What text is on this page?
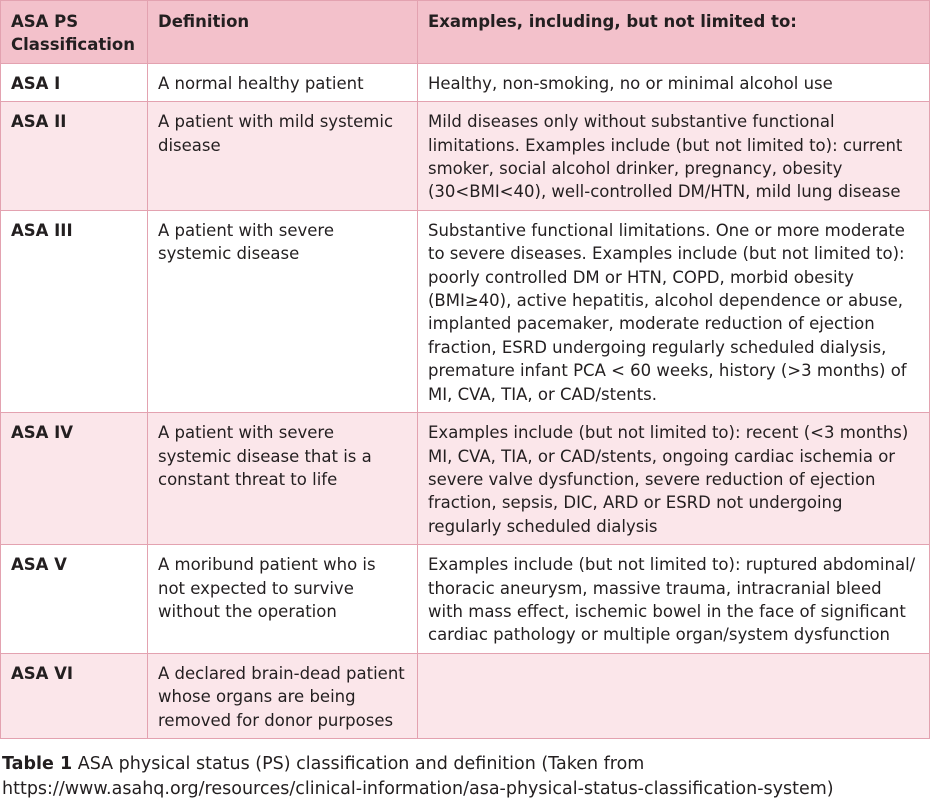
ASA PS Classification	Definition	Examples, including, but not limited to:
ASA I	A normal healthy patient	Healthy, non-smoking, no or minimal alcohol use
ASA II	A patient with mild systemic disease	Mild diseases only without substantive functional limitations. Examples include (but not limited to): current smoker, social alcohol drinker, pregnancy, obesity (30<BMI<40), well-controlled DM/HTN, mild lung disease
ASA III	A patient with severe systemic disease	Substantive functional limitations. One or more moderate to severe diseases. Examples include (but not limited to): poorly controlled DM or HTN, COPD, morbid obesity (BMI≥40), active hepatitis, alcohol dependence or abuse, implanted pacemaker, moderate reduction of ejection fraction, ESRD undergoing regularly scheduled dialysis, premature infant PCA < 60 weeks, history (>3 months) of MI, CVA, TIA, or CAD/stents.
ASA IV	A patient with severe systemic disease that is a constant threat to life	Examples include (but not limited to): recent (<3 months) MI, CVA, TIA, or CAD/stents, ongoing cardiac ischemia or severe valve dysfunction, severe reduction of ejection fraction, sepsis, DIC, ARD or ESRD not undergoing regularly scheduled dialysis
ASA V	A moribund patient who is not expected to survive without the operation	Examples include (but not limited to): ruptured abdominal/ thoracic aneurysm, massive trauma, intracranial bleed with mass effect, ischemic bowel in the face of significant cardiac pathology or multiple organ/system dysfunction
ASA VI	A declared brain-dead patient whose organs are being removed for donor purposes	

Table 1 ASA physical status (PS) classification and definition (Taken from https://www.asahq.org/resources/clinical-information/asa-physical-status-classification-system)
